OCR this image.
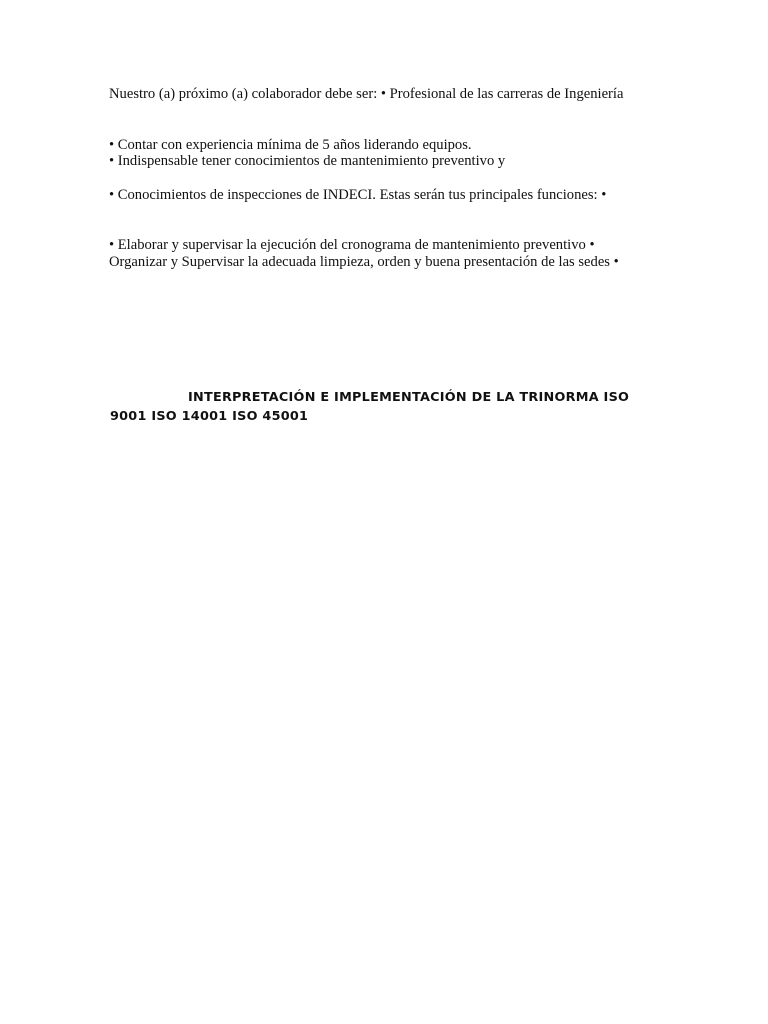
Nuestro (a) próximo (a) colaborador debe ser: • Profesional de las carreras de Ingeniería

• Contar con experiencia mínima de 5 años liderando equipos.

• Indispensable tener conocimientos de mantenimiento preventivo y

• Conocimientos de inspecciones de INDECI. Estas serán tus principales funciones: •

• Elaborar y supervisar la ejecución del cronograma de mantenimiento preventivo •

Organizar y Supervisar la adecuada limpieza, orden y buena presentación de las sedes •

INTERPRETACIÓN E IMPLEMENTACIÓN DE LA TRINORMA ISO
9001 ISO 14001 ISO 45001
